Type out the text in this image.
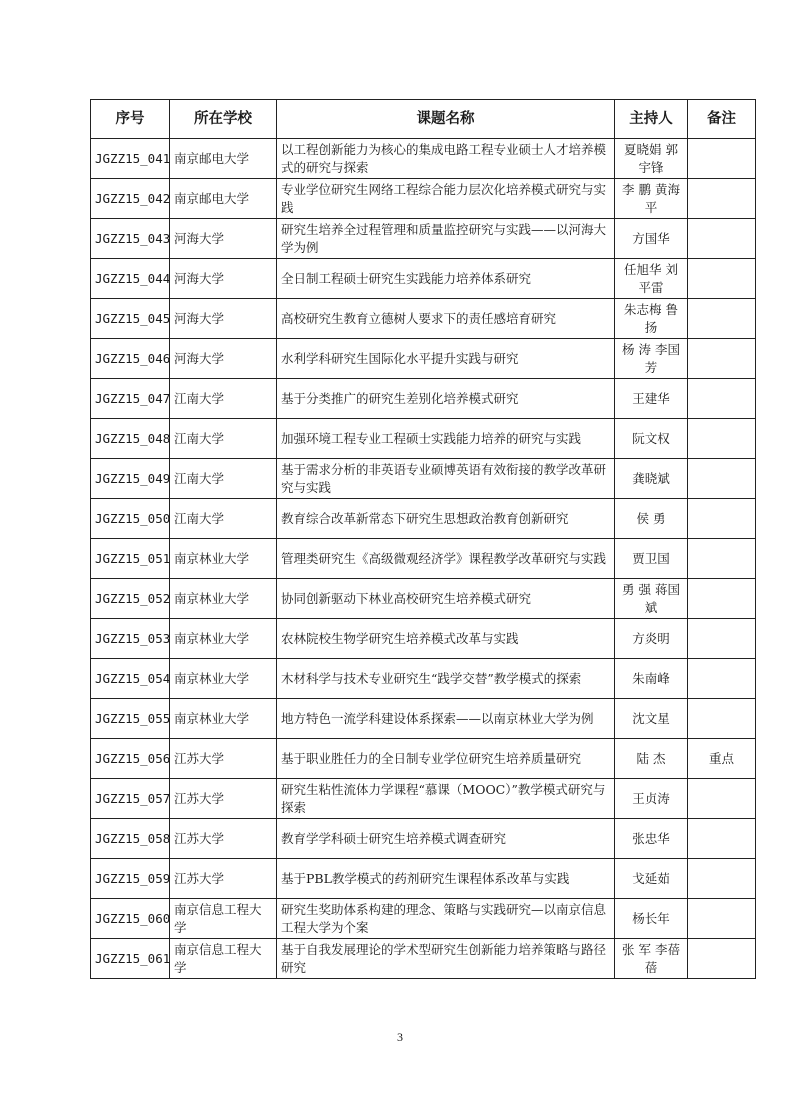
序号	所在学校	课题名称	主持人	备注
JGZZ15_041	南京邮电大学	以工程创新能力为核心的集成电路工程专业硕士人才培养模式的研究与探索	夏晓娟 郭宇锋	
JGZZ15_042	南京邮电大学	专业学位研究生网络工程综合能力层次化培养模式研究与实践	李 鹏 黄海平	
JGZZ15_043	河海大学	研究生培养全过程管理和质量监控研究与实践——以河海大学为例	方国华	
JGZZ15_044	河海大学	全日制工程硕士研究生实践能力培养体系研究	任旭华 刘平雷	
JGZZ15_045	河海大学	高校研究生教育立德树人要求下的责任感培育研究	朱志梅 鲁 扬	
JGZZ15_046	河海大学	水利学科研究生国际化水平提升实践与研究	杨 涛 李国芳	
JGZZ15_047	江南大学	基于分类推广的研究生差别化培养模式研究	王建华	
JGZZ15_048	江南大学	加强环境工程专业工程硕士实践能力培养的研究与实践	阮文权	
JGZZ15_049	江南大学	基于需求分析的非英语专业硕博英语有效衔接的教学改革研究与实践	龚晓斌	
JGZZ15_050	江南大学	教育综合改革新常态下研究生思想政治教育创新研究	侯 勇	
JGZZ15_051	南京林业大学	管理类研究生《高级微观经济学》课程教学改革研究与实践	贾卫国	
JGZZ15_052	南京林业大学	协同创新驱动下林业高校研究生培养模式研究	勇 强 蒋国斌	
JGZZ15_053	南京林业大学	农林院校生物学研究生培养模式改革与实践	方炎明	
JGZZ15_054	南京林业大学	木材科学与技术专业研究生“践学交替”教学模式的探索	朱南峰	
JGZZ15_055	南京林业大学	地方特色一流学科建设体系探索——以南京林业大学为例	沈文星	
JGZZ15_056	江苏大学	基于职业胜任力的全日制专业学位研究生培养质量研究	陆 杰	重点
JGZZ15_057	江苏大学	研究生粘性流体力学课程“慕课（MOOC）”教学模式研究与探索	王贞涛	
JGZZ15_058	江苏大学	教育学学科硕士研究生培养模式调查研究	张忠华	
JGZZ15_059	江苏大学	基于PBL教学模式的药剂研究生课程体系改革与实践	戈延茹	
JGZZ15_060	南京信息工程大学	研究生奖助体系构建的理念、策略与实践研究—以南京信息工程大学为个案	杨长年	
JGZZ15_061	南京信息工程大学	基于自我发展理论的学术型研究生创新能力培养策略与路径研究	张 军 李蓓蓓	
3
